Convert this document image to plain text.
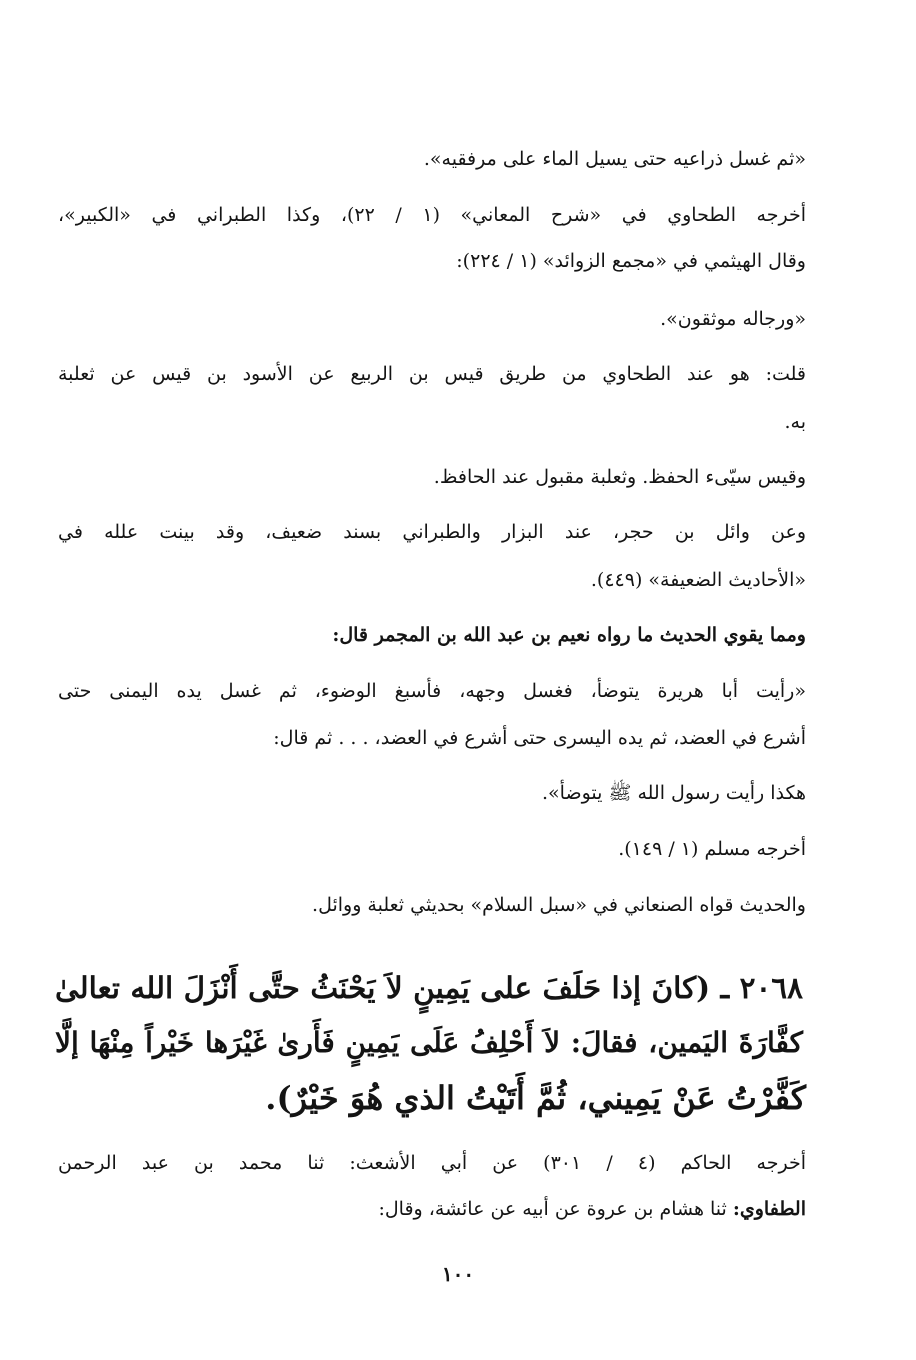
«ثم غسل ذراعيه حتى يسيل الماء على مرفقيه».
أخرجه الطحاوي في «شرح المعاني» (١ / ٢٢)، وكذا الطبراني في «الكبير»،
وقال الهيثمي في «مجمع الزوائد» (١ / ٢٢٤):
«ورجاله موثقون».
قلت: هو عند الطحاوي من طريق قيس بن الربيع عن الأسود بن قيس عن ثعلبة
به.
وقيس سيّىء الحفظ. وثعلبة مقبول عند الحافظ.
وعن وائل بن حجر، عند البزار والطبراني بسند ضعيف، وقد بينت علله في
«الأحاديث الضعيفة» (٤٤٩).
ومما يقوي الحديث ما رواه نعيم بن عبد الله بن المجمر قال:
«رأيت أبا هريرة يتوضأ، فغسل وجهه، فأسبغ الوضوء، ثم غسل يده اليمنى حتى
أشرع في العضد، ثم يده اليسرى حتى أشرع في العضد، . . . ثم قال:
هكذا رأيت رسول الله ﷺ يتوضأ».
أخرجه مسلم (١ / ١٤٩).
والحديث قواه الصنعاني في «سبل السلام» بحديثي ثعلبة ووائل.
٢٠٦٨ ـ (كانَ إذا حَلَفَ على يَمِينٍ لاَ يَحْنَثُ حتَّى أَنْزَلَ الله تعالىٰ
كفَّارَةَ اليَمين، فقالَ: لاَ أَحْلِفُ عَلَى يَمِينٍ فَأَرىٰ غَيْرَها خَيْراً مِنْهَا إلَّا
كَفَّرْتُ عَنْ يَمِيني، ثُمَّ أَتَيْتُ الذي هُوَ خَيْرٌ).
أخرجه الحاكم (٤ / ٣٠١) عن أبي الأشعث: ثنا محمد بن عبد الرحمن
الطفاوي: ثنا هشام بن عروة عن أبيه عن عائشة، وقال:
١٠٠
